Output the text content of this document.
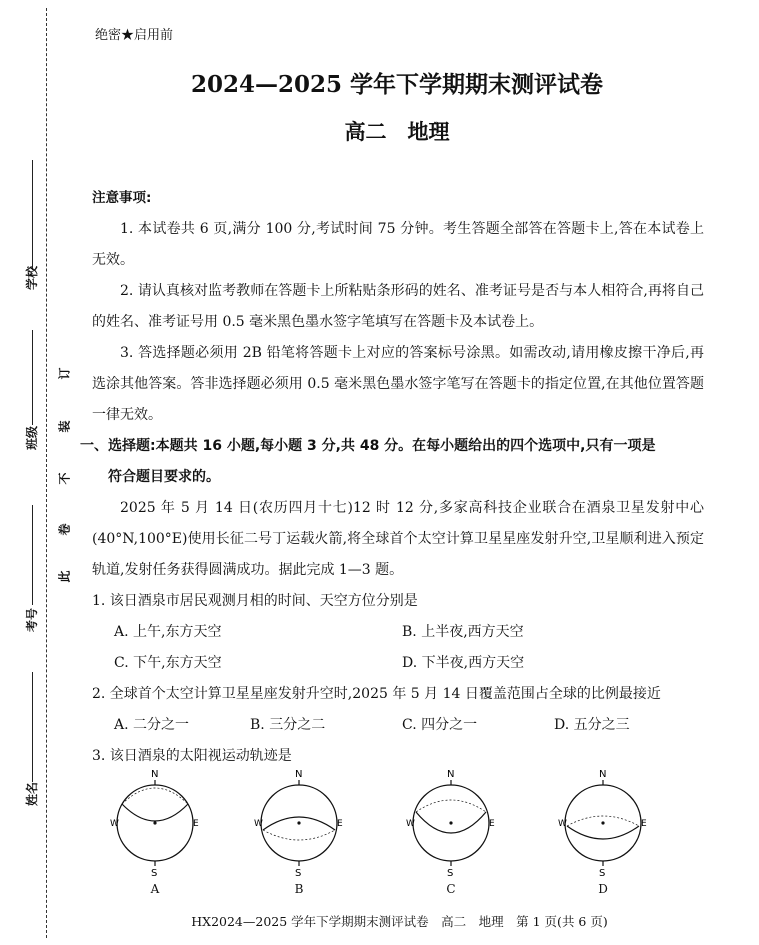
学校
班级
考号
姓名
订
装
不
卷
此
绝密★启用前
2024—2025 学年下学期期末测评试卷
高二　地理

注意事项:

1. 本试卷共 6 页,满分 100 分,考试时间 75 分钟。考生答题全部答在答题卡上,答在本试卷上无效。

2. 请认真核对监考教师在答题卡上所粘贴条形码的姓名、准考证号是否与本人相符合,再将自己的姓名、准考证号用 0.5 毫米黑色墨水签字笔填写在答题卡及本试卷上。

3. 答选择题必须用 2B 铅笔将答题卡上对应的答案标号涂黑。如需改动,请用橡皮擦干净后,再选涂其他答案。答非选择题必须用 0.5 毫米黑色墨水签字笔写在答题卡的指定位置,在其他位置答题一律无效。

一、选择题:本题共 16 小题,每小题 3 分,共 48 分。在每小题给出的四个选项中,只有一项是

符合题目要求的。

2025 年 5 月 14 日(农历四月十七)12 时 12 分,多家高科技企业联合在酒泉卫星发射中心(40°N,100°E)使用长征二号丁运载火箭,将全球首个太空计算卫星星座发射升空,卫星顺利进入预定轨道,发射任务获得圆满成功。据此完成 1—3 题。

1. 该日酒泉市居民观测月相的时间、天空方位分别是

A. 上午,东方天空	B. 上半夜,西方天空
C. 下午,东方天空	D. 下半夜,西方天空

2. 全球首个太空计算卫星星座发射升空时,2025 年 5 月 14 日覆盖范围占全球的比例最接近

A. 二分之一	B. 三分之二	C. 四分之一	D. 五分之三

3. 该日酒泉的太阳视运动轨迹是

N
S
W	E
A
N
S
W	E
B
N
S
W	E
C
N
S
W	E
D
HX2024—2025 学年下学期期末测评试卷　高二　地理　第 1 页(共 6 页)
